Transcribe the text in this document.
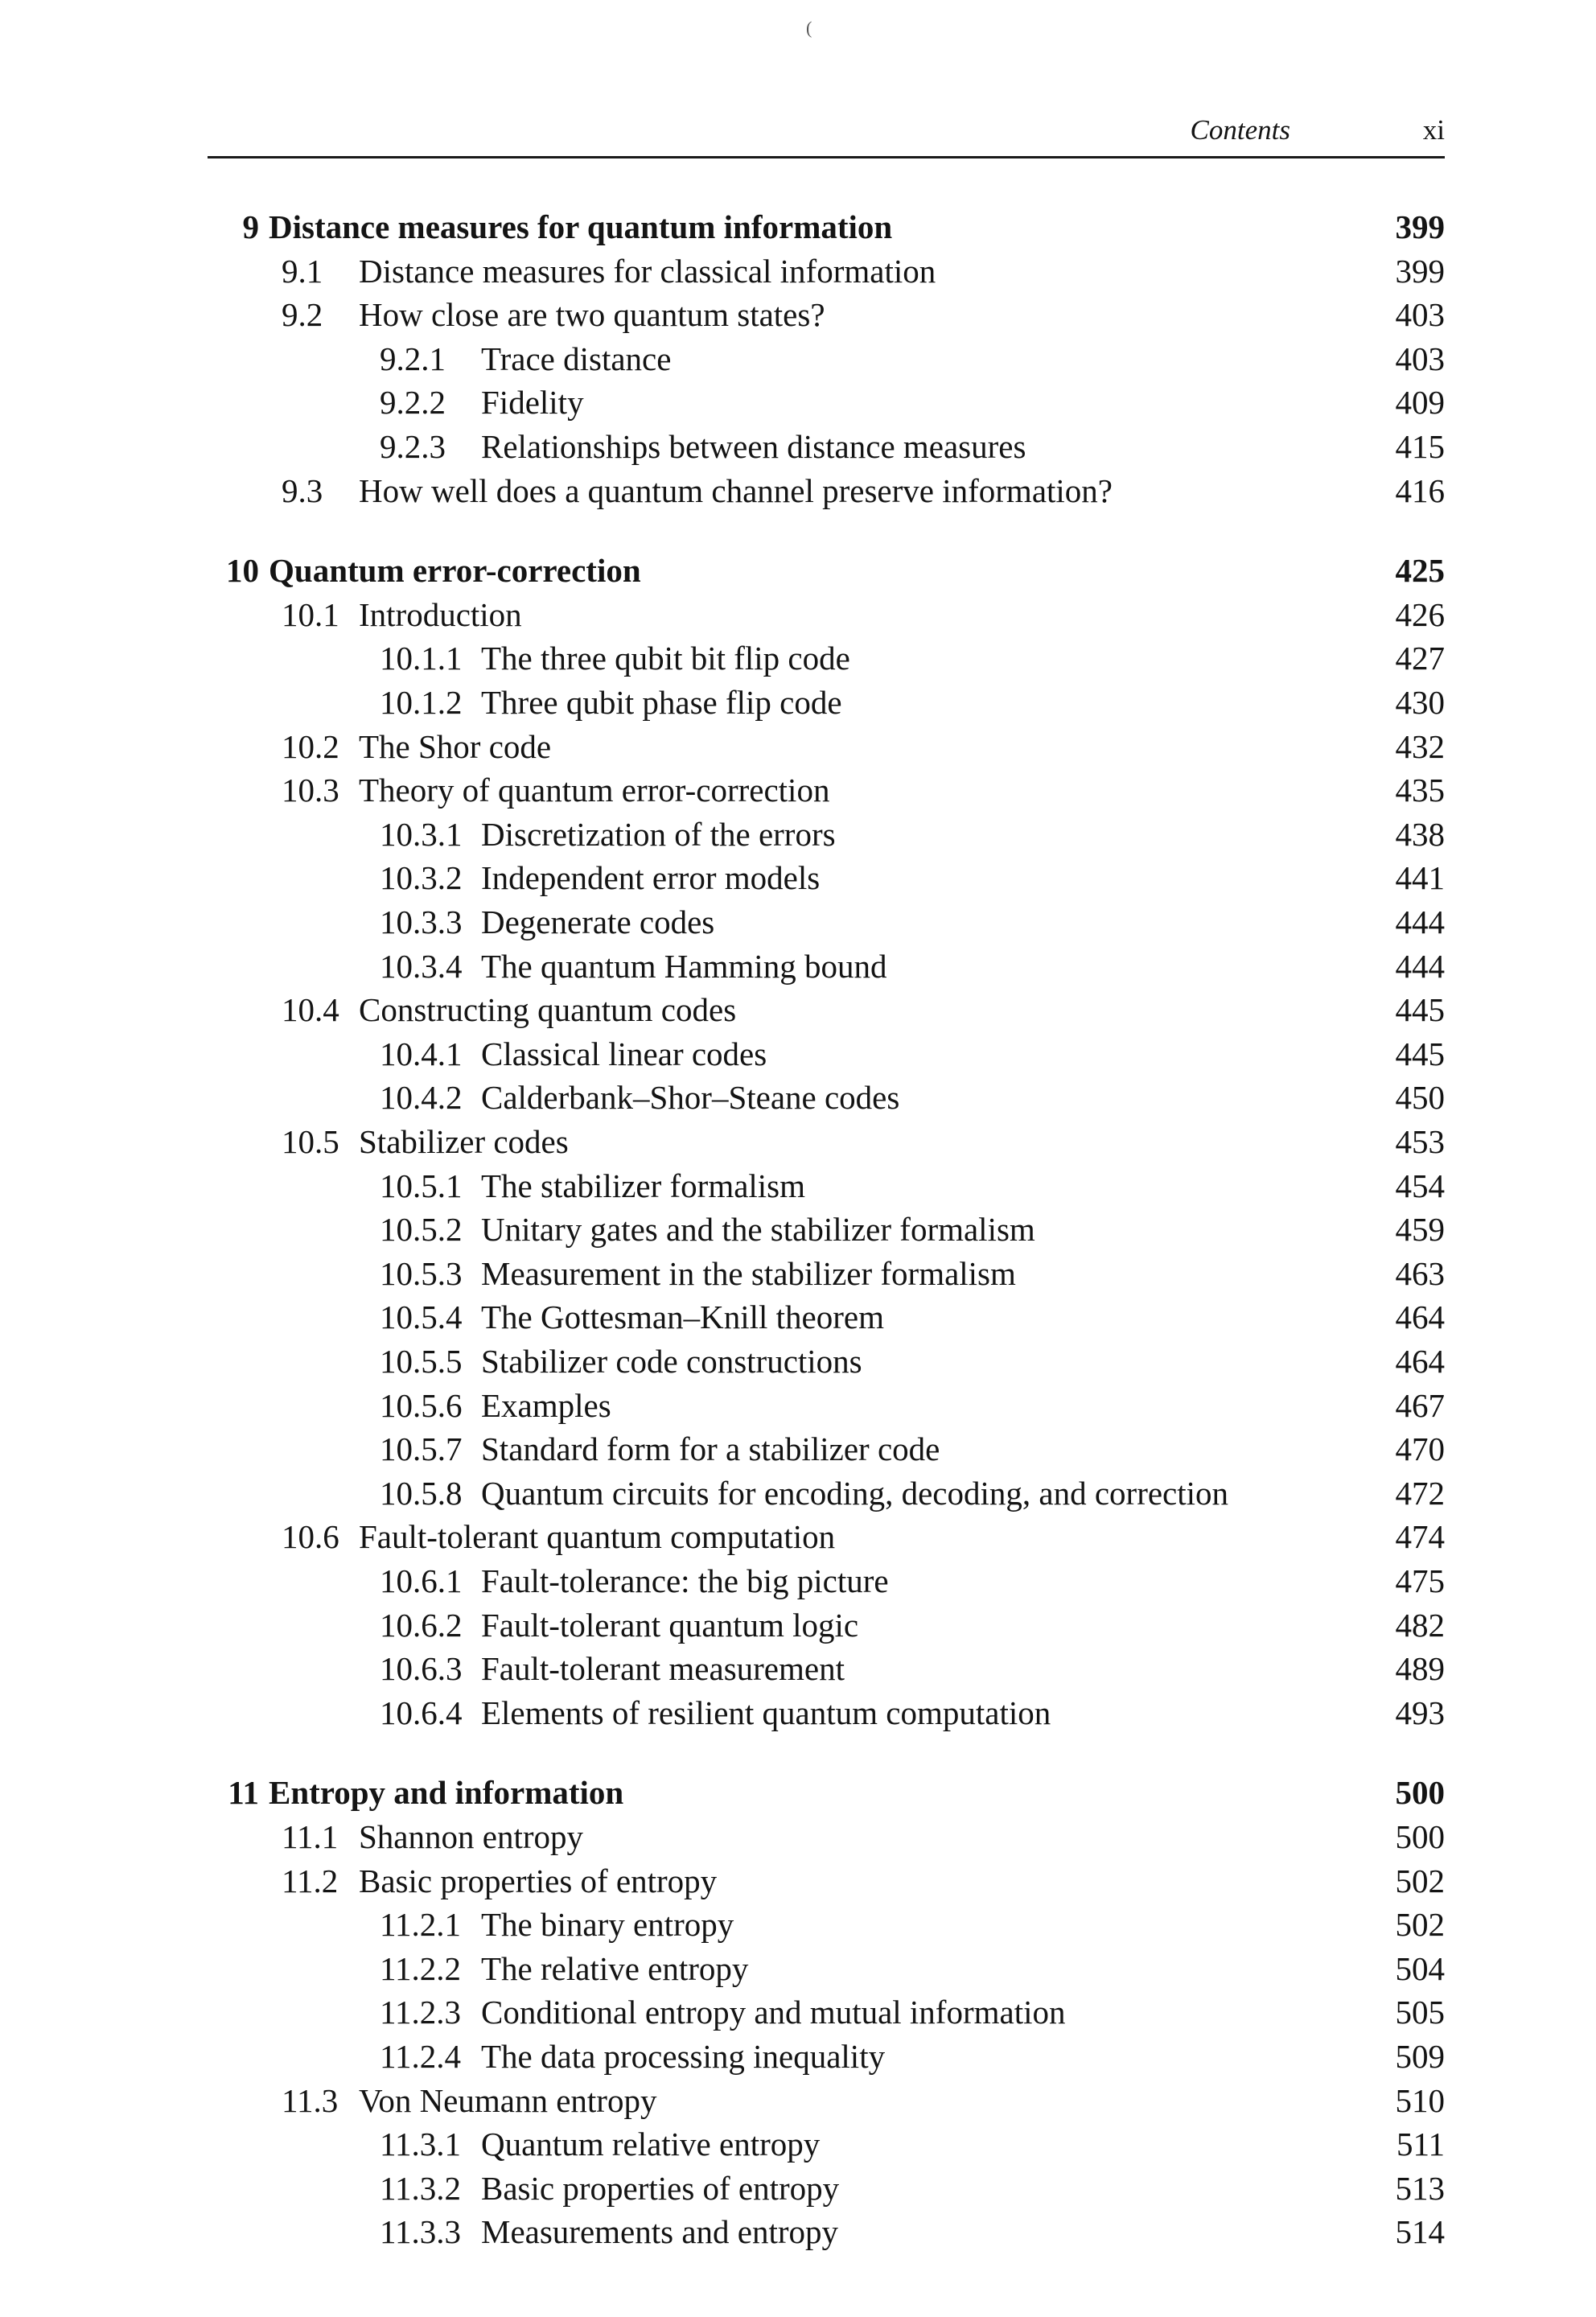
(
Contents	xi
9 Distance measures for quantum information	399
9.1 Distance measures for classical information	399
9.2 How close are two quantum states?	403
9.2.1 Trace distance	403
9.2.2 Fidelity	409
9.2.3 Relationships between distance measures	415
9.3 How well does a quantum channel preserve information?	416
10 Quantum error-correction	425
10.1 Introduction	426
10.1.1 The three qubit bit flip code	427
10.1.2 Three qubit phase flip code	430
10.2 The Shor code	432
10.3 Theory of quantum error-correction	435
10.3.1 Discretization of the errors	438
10.3.2 Independent error models	441
10.3.3 Degenerate codes	444
10.3.4 The quantum Hamming bound	444
10.4 Constructing quantum codes	445
10.4.1 Classical linear codes	445
10.4.2 Calderbank–Shor–Steane codes	450
10.5 Stabilizer codes	453
10.5.1 The stabilizer formalism	454
10.5.2 Unitary gates and the stabilizer formalism	459
10.5.3 Measurement in the stabilizer formalism	463
10.5.4 The Gottesman–Knill theorem	464
10.5.5 Stabilizer code constructions	464
10.5.6 Examples	467
10.5.7 Standard form for a stabilizer code	470
10.5.8 Quantum circuits for encoding, decoding, and correction	472
10.6 Fault-tolerant quantum computation	474
10.6.1 Fault-tolerance: the big picture	475
10.6.2 Fault-tolerant quantum logic	482
10.6.3 Fault-tolerant measurement	489
10.6.4 Elements of resilient quantum computation	493
11 Entropy and information	500
11.1 Shannon entropy	500
11.2 Basic properties of entropy	502
11.2.1 The binary entropy	502
11.2.2 The relative entropy	504
11.2.3 Conditional entropy and mutual information	505
11.2.4 The data processing inequality	509
11.3 Von Neumann entropy	510
11.3.1 Quantum relative entropy	511
11.3.2 Basic properties of entropy	513
11.3.3 Measurements and entropy	514
